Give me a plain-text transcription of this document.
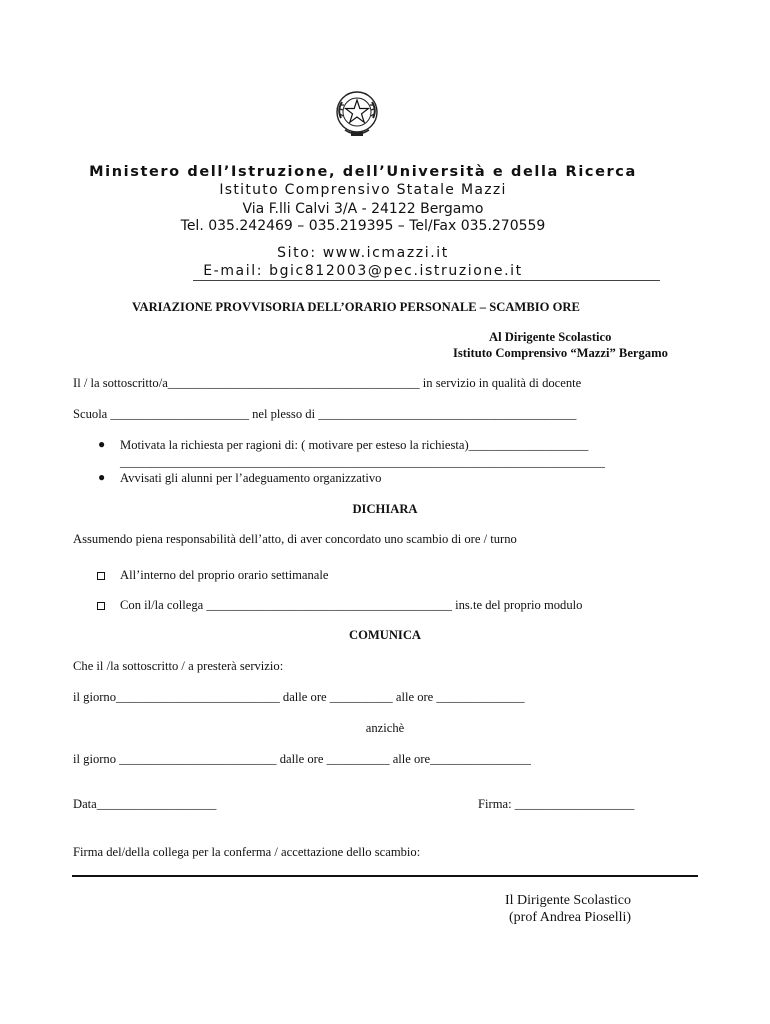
Ministero dell’Istruzione, dell’Università e della Ricerca
Istituto Comprensivo Statale Mazzi
Via F.lli Calvi 3/A - 24122 Bergamo
Tel. 035.242469 – 035.219395 – Tel/Fax 035.270559
Sito: www.icmazzi.it
E-mail: bgic812003@pec.istruzione.it
VARIAZIONE PROVVISORIA DELL’ORARIO PERSONALE – SCAMBIO ORE
Al Dirigente Scolastico
Istituto Comprensivo “Mazzi” Bergamo
Il / la sottoscritto/a________________________________________ in servizio in qualità di docente
Scuola ______________________ nel plesso di _________________________________________
● Motivata la richiesta per ragioni di: ( motivare per esteso la richiesta)___________________
_____________________________________________________________________________
● Avvisati gli alunni per l’adeguamento organizzativo
DICHIARA
Assumendo piena responsabilità dell’atto, di aver concordato uno scambio di ore / turno
All’interno del proprio orario settimanale
Con il/la collega _______________________________________ ins.te del proprio modulo
COMUNICA
Che il /la sottoscritto / a presterà servizio:
il giorno__________________________ dalle ore __________ alle ore ______________
anzichè
il giorno _________________________ dalle ore __________ alle ore________________
Data___________________	Firma: ___________________
Firma del/della collega per la conferma / accettazione dello scambio:
Il Dirigente Scolastico
(prof Andrea Pioselli)
